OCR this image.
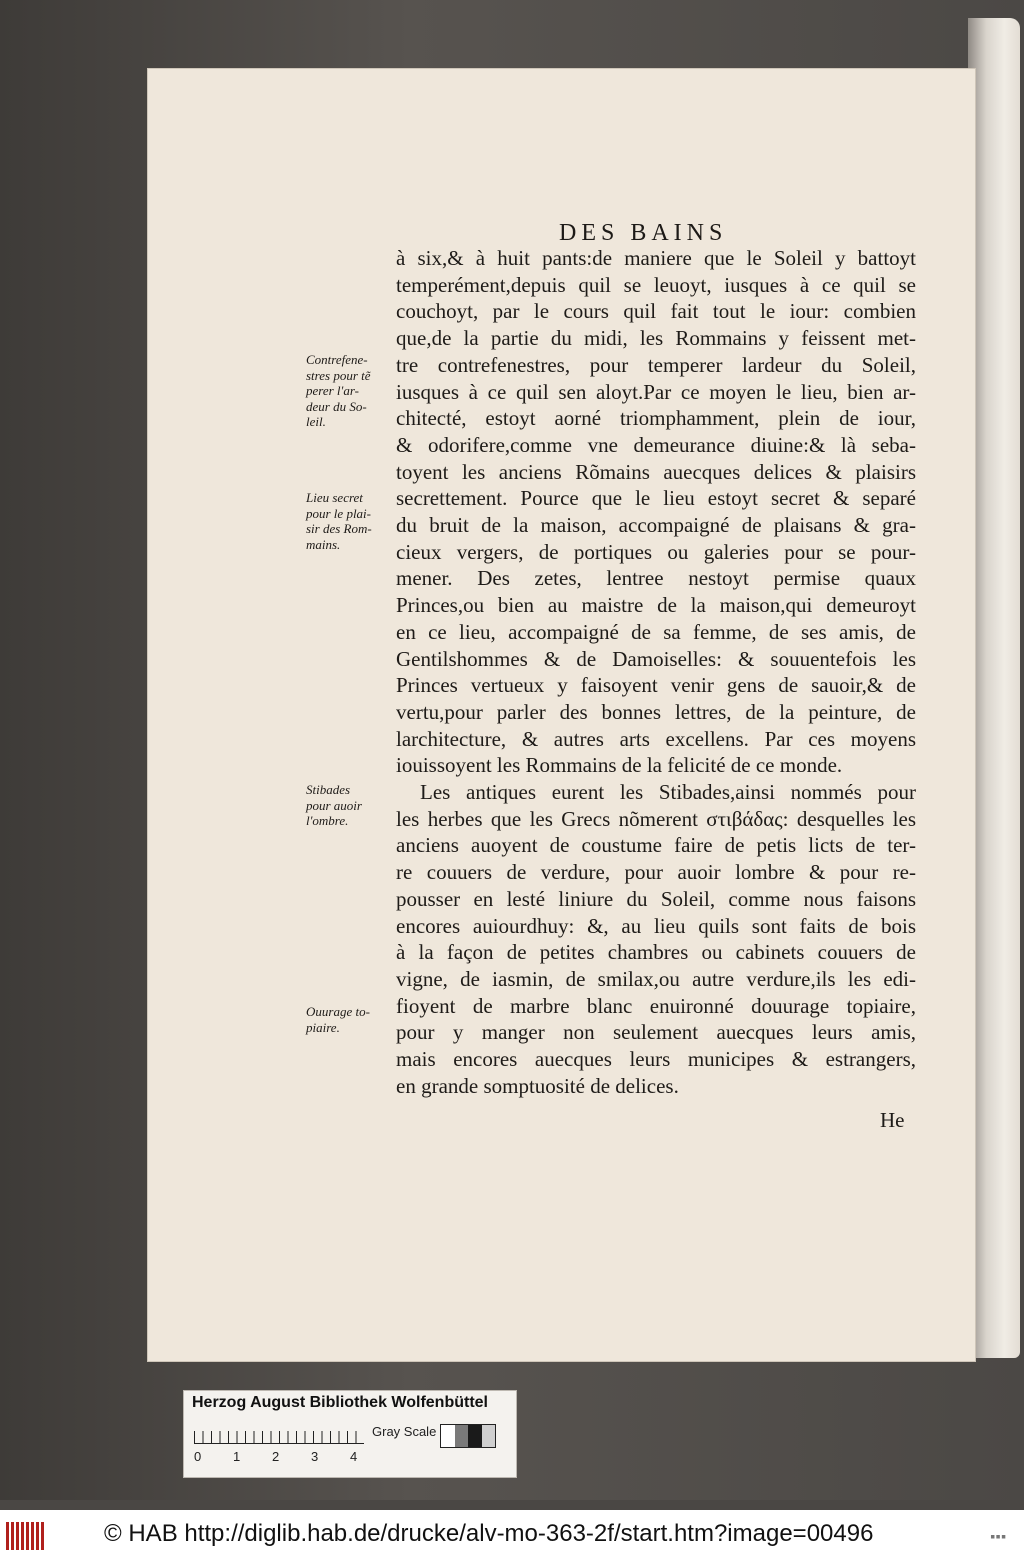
DES BAINS
à six,& à huit pants:de maniere que le Soleil y battoyt
temperément,depuis quil se leuoyt, iusques à ce quil se
couchoyt, par le cours quil fait tout le iour: combien
que,de la partie du midi, les Rommains y feissent met-
tre contrefenestres, pour temperer lardeur du Soleil,
iusques à ce quil sen aloyt.Par ce moyen le lieu, bien ar-
chitecté, estoyt aorné triomphamment, plein de iour,
& odorifere,comme vne demeurance diuine:& là seba-
toyent les anciens Rõmains auecques delices & plaisirs
secrettement. Pource que le lieu estoyt secret & separé
du bruit de la maison, accompaigné de plaisans & gra-
cieux vergers, de portiques ou galeries pour se pour-
mener. Des zetes, lentree nestoyt permise quaux
Princes,ou bien au maistre de la maison,qui demeuroyt
en ce lieu, accompaigné de sa femme, de ses amis, de
Gentilshommes & de Damoiselles: & souuentefois les
Princes vertueux y faisoyent venir gens de sauoir,& de
vertu,pour parler des bonnes lettres, de la peinture, de
larchitecture, & autres arts excellens. Par ces moyens
iouissoyent les Rommains de la felicité de ce monde.
Les antiques eurent les Stibades,ainsi nommés pour
les herbes que les Grecs nõmerent στιβάδας: desquelles les
anciens auoyent de coustume faire de petis licts de ter-
re couuers de verdure, pour auoir lombre & pour re-
pousser en lesté liniure du Soleil, comme nous faisons
encores auiourdhuy: &, au lieu quils sont faits de bois
à la façon de petites chambres ou cabinets couuers de
vigne, de iasmin, de smilax,ou autre verdure,ils les edi-
fioyent de marbre blanc enuironné douurage topiaire,
pour y manger non seulement auecques leurs amis,
mais encores auecques leurs municipes & estrangers,
en grande somptuosité de delices.
Contrefene-
stres pour tẽ
perer l'ar-
deur du So-
leil.
Lieu secret
pour le plai-
sir des Rom-
mains.
Stibades
pour auoir
l'ombre.
Ouurage to-
piaire.
He
Herzog August Bibliothek Wolfenbüttel
0 1 2 3 4
Gray Scale
© HAB http://diglib.hab.de/drucke/alv-mo-363-2f/start.htm?image=00496	▪▪▪
